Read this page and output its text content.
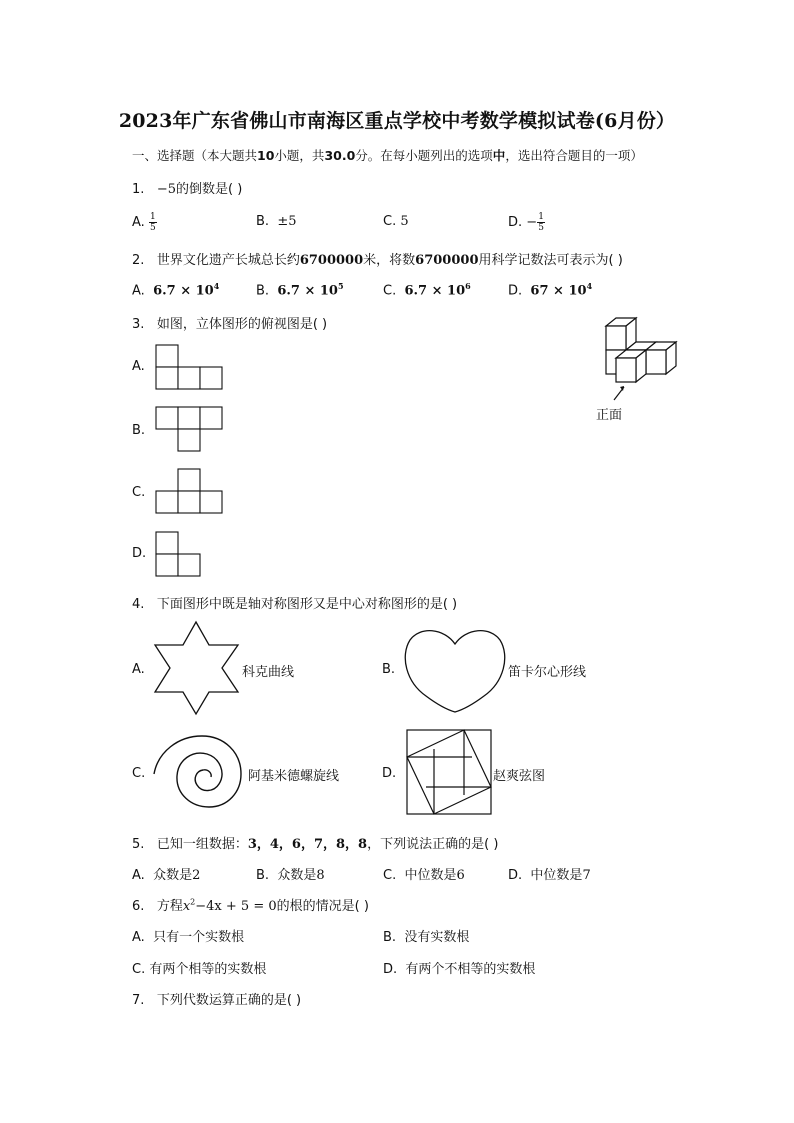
2023年广东省佛山市南海区重点学校中考数学模拟试卷(6月份）
一、选择题（本大题共10小题，共30.0分。在每小题列出的选项中，选出符合题目的一项）
1. −5的倒数是( )
A. $\frac{1}{5}$	B. ±5	C. 5	D. − $\frac{1}{5}$
2. 世界文化遗产长城总长约6700000米，将数6700000用科学记数法可表示为( )
A. $6.7 \times 10^4$	B. $6.7 \times 10^5$	C. $6.7 \times 10^6$	D. $67 \times 10^4$
3. 如图，立体图形的俯视图是( )
正面
A.
B.
C.
D.
4. 下面图形中既是轴对称图形又是中心对称图形的是( )
A.	科克曲线	B.	笛卡尔心形线
C.	阿基米德螺旋线	D.	赵爽弦图
5. 已知一组数据：3，4，6，7，8，8，下列说法正确的是( )
A. 众数是2	B. 众数是8	C. 中位数是6	D. 中位数是7
6. 方程$x^2-4x + 5 = 0$的根的情况是( )
A. 只有一个实数根	B. 没有实数根
C. 有两个相等的实数根	D. 有两个不相等的实数根
7. 下列代数运算正确的是( )
